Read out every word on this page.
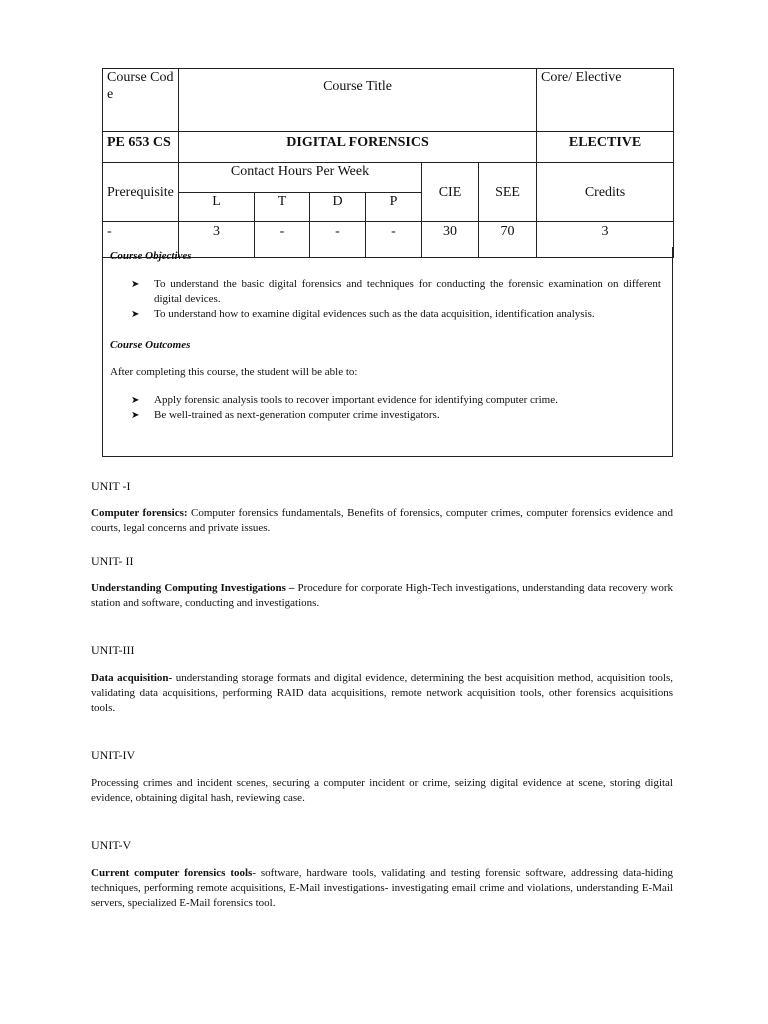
Course Code	Course Title						Core/ Elective
PE 653 CS	DIGITAL FORENSICS						ELECTIVE
Prerequisite	Contact Hours Per Week				CIE	SEE	Credits
	L	T	D	P			
-	3	-	-	-	30	70	3
Course Objectives
➤ To understand the basic digital forensics and techniques for conducting the forensic examination on different digital devices.
➤ To understand how to examine digital evidences such as the data acquisition, identification analysis.
Course Outcomes
After completing this course, the student will be able to:
➤ Apply forensic analysis tools to recover important evidence for identifying computer crime.
➤ Be well-trained as next-generation computer crime investigators.
UNIT -I
Computer forensics: Computer forensics fundamentals, Benefits of forensics, computer crimes, computer forensics evidence and courts, legal concerns and private issues.
UNIT- II
Understanding Computing Investigations – Procedure for corporate High-Tech investigations, understanding data recovery work station and software, conducting and investigations.
UNIT-III
Data acquisition- understanding storage formats and digital evidence, determining the best acquisition method, acquisition tools, validating data acquisitions, performing RAID data acquisitions, remote network acquisition tools, other forensics acquisitions tools.
UNIT-IV
Processing crimes and incident scenes, securing a computer incident or crime, seizing digital evidence at scene, storing digital evidence, obtaining digital hash, reviewing case.
UNIT-V
Current computer forensics tools- software, hardware tools, validating and testing forensic software, addressing data-hiding techniques, performing remote acquisitions, E-Mail investigations- investigating email crime and violations, understanding E-Mail servers, specialized E-Mail forensics tool.
